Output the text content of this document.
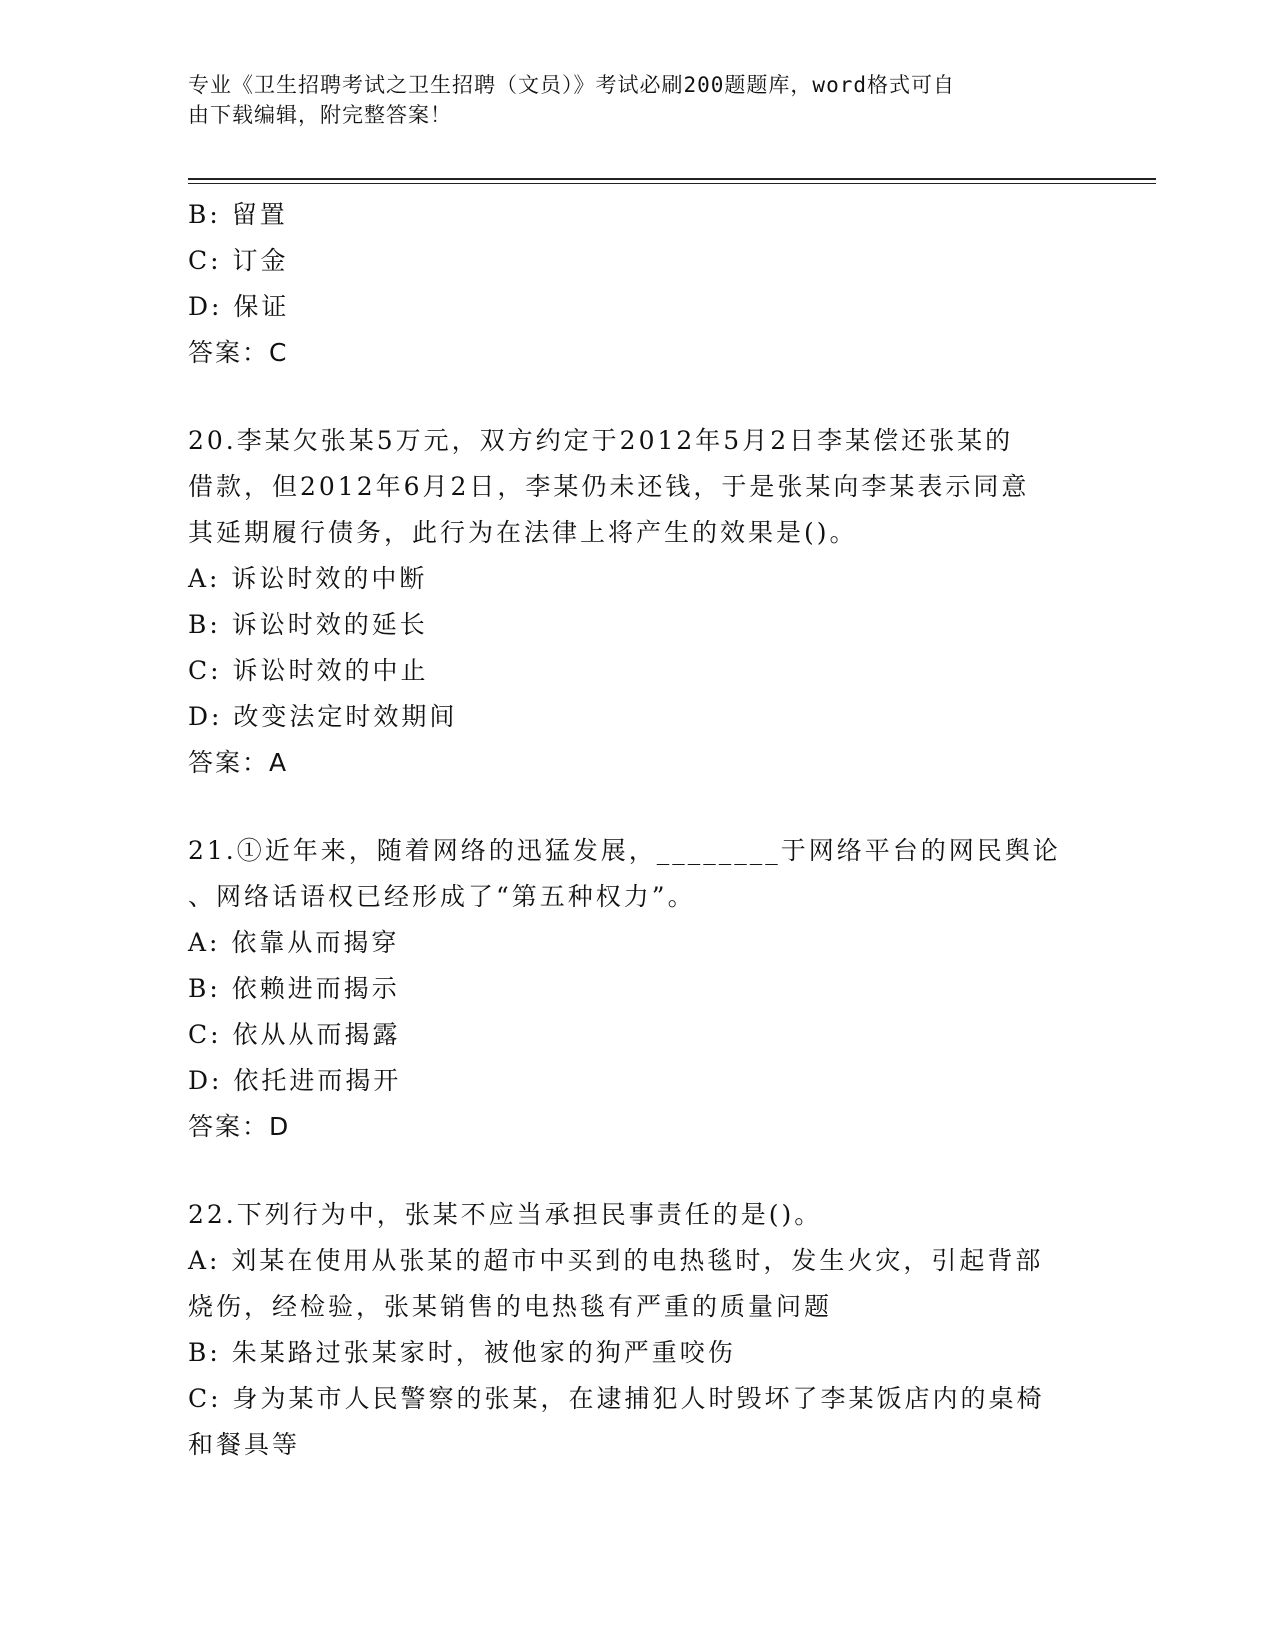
专业《卫生招聘考试之卫生招聘（文员）》考试必刷200题题库，word格式可自
由下载编辑，附完整答案！
B: 留置
C: 订金
D: 保证
答案：C
20.李某欠张某5万元，双方约定于2012年5月2日李某偿还张某的
借款，但2012年6月2日，李某仍未还钱，于是张某向李某表示同意
其延期履行债务，此行为在法律上将产生的效果是()。
A: 诉讼时效的中断
B: 诉讼时效的延长
C: 诉讼时效的中止
D: 改变法定时效期间
答案：A
21.①近年来，随着网络的迅猛发展，________于网络平台的网民舆论
、网络话语权已经形成了“第五种权力”。
A: 依靠从而揭穿
B: 依赖进而揭示
C: 依从从而揭露
D: 依托进而揭开
答案：D
22.下列行为中，张某不应当承担民事责任的是()。
A: 刘某在使用从张某的超市中买到的电热毯时，发生火灾，引起背部
烧伤，经检验，张某销售的电热毯有严重的质量问题
B: 朱某路过张某家时，被他家的狗严重咬伤
C: 身为某市人民警察的张某，在逮捕犯人时毁坏了李某饭店内的桌椅
和餐具等
